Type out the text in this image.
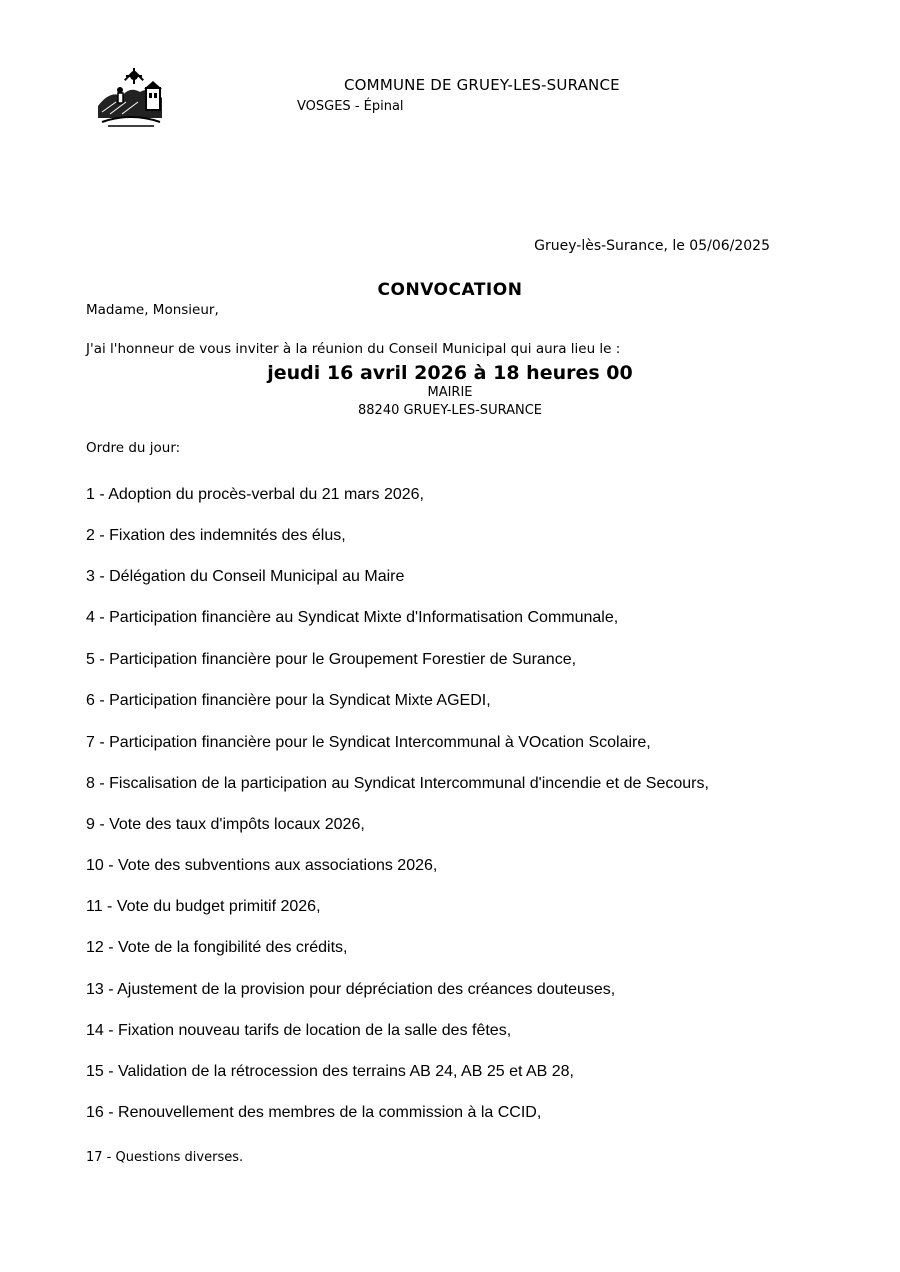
COMMUNE DE GRUEY-LES-SURANCE
VOSGES - Épinal
Gruey-lès-Surance, le 05/06/2025
CONVOCATION
Madame, Monsieur,
J'ai l'honneur de vous inviter à la réunion du Conseil Municipal qui aura lieu le :
jeudi 16 avril 2026 à 18 heures 00
MAIRIE
88240 GRUEY-LES-SURANCE
Ordre du jour:
1 - Adoption du procès-verbal du 21 mars 2026,
2 - Fixation des indemnités des élus,
3 - Délégation du Conseil Municipal au Maire
4 - Participation financière au Syndicat Mixte d'Informatisation Communale,
5 - Participation financière pour le Groupement Forestier de Surance,
6 - Participation financière pour la Syndicat Mixte AGEDI,
7 - Participation financière pour le Syndicat Intercommunal à VOcation Scolaire,
8 - Fiscalisation de la participation au Syndicat Intercommunal d'incendie et de Secours,
9 - Vote des taux d'impôts locaux 2026,
10 - Vote des subventions aux associations 2026,
11 - Vote du budget primitif 2026,
12 - Vote de la fongibilité des crédits,
13 - Ajustement de la provision pour dépréciation des créances douteuses,
14 - Fixation nouveau tarifs de location de la salle des fêtes,
15 - Validation de la rétrocession des terrains AB 24, AB 25 et AB 28,
16 - Renouvellement des membres de la commission à la CCID,
17 - Questions diverses.
